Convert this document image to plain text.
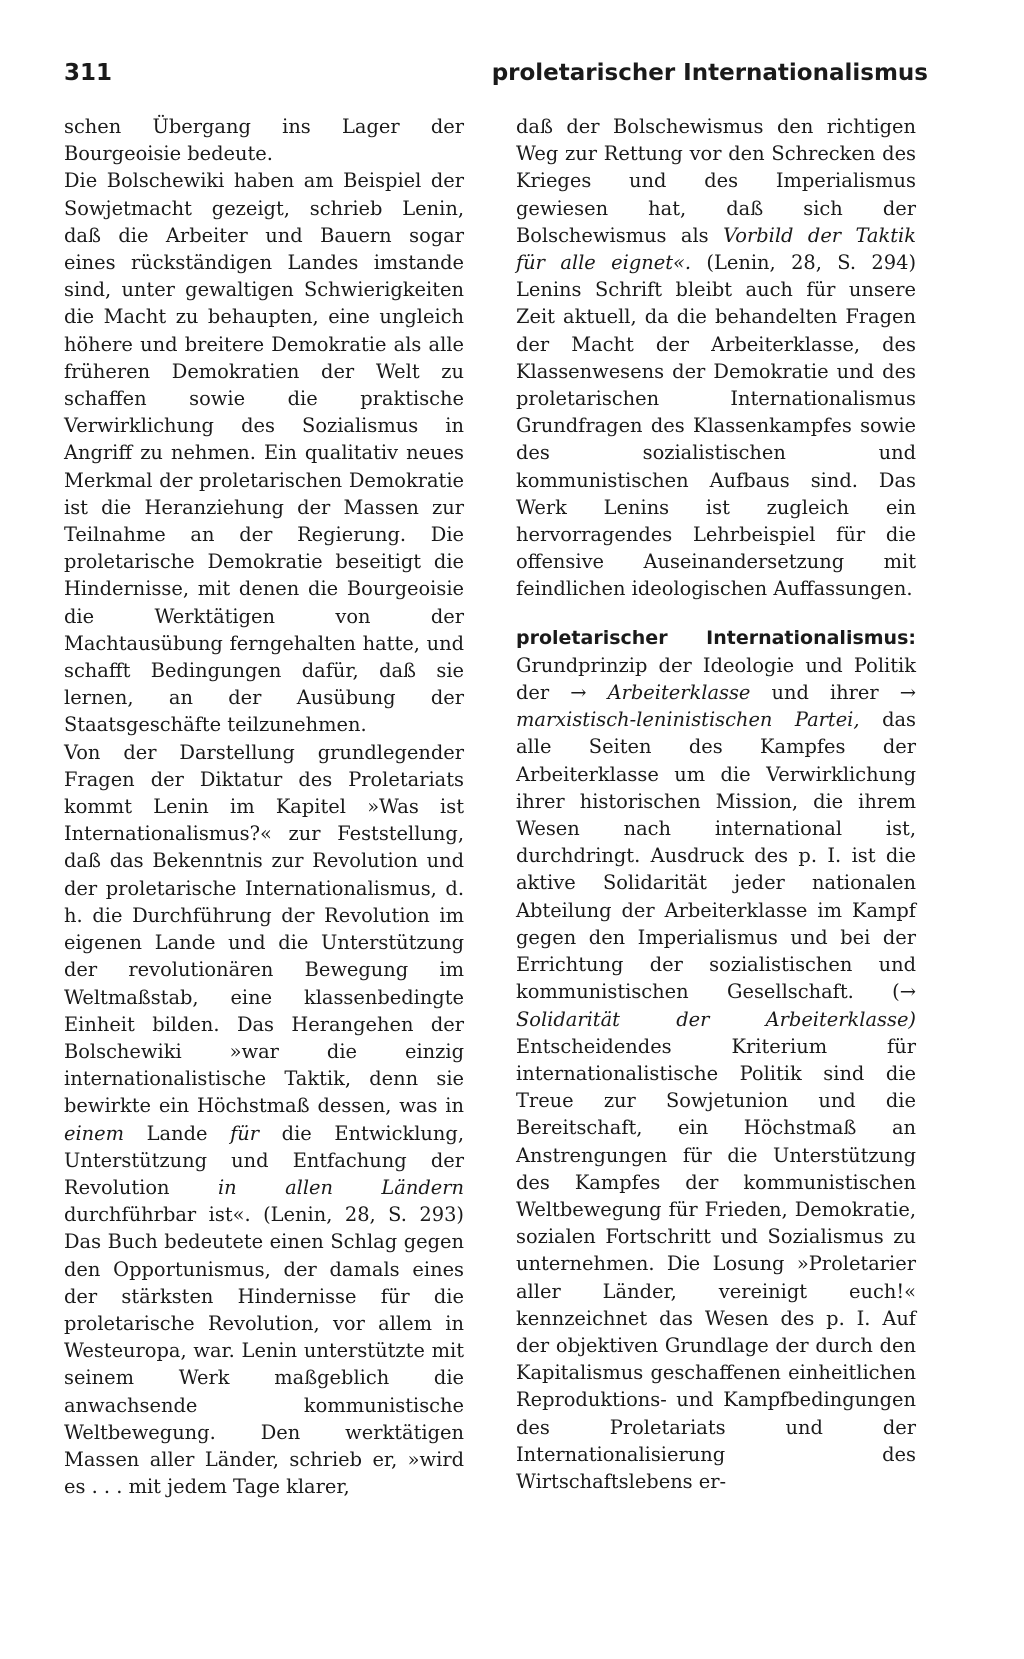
311	proletarischer Internationalismus

schen Übergang ins Lager der Bourgeoisie bedeute.

Die Bolschewiki haben am Beispiel der Sowjetmacht gezeigt, schrieb Lenin, daß die Arbeiter und Bauern sogar eines rückständigen Landes imstande sind, unter gewaltigen Schwierigkeiten die Macht zu behaupten, eine ungleich höhere und breitere Demokratie als alle früheren Demokratien der Welt zu schaffen sowie die praktische Verwirklichung des Sozialismus in Angriff zu nehmen. Ein qualitativ neues Merkmal der proletarischen Demokratie ist die Heranziehung der Massen zur Teilnahme an der Regierung. Die proletarische Demokratie beseitigt die Hindernisse, mit denen die Bourgeoisie die Werktätigen von der Machtausübung ferngehalten hatte, und schafft Bedingungen dafür, daß sie lernen, an der Ausübung der Staatsgeschäfte teilzunehmen.

Von der Darstellung grundlegender Fragen der Diktatur des Proletariats kommt Lenin im Kapitel »Was ist Internationalismus?« zur Feststellung, daß das Bekenntnis zur Revolution und der proletarische Internationalismus, d. h. die Durchführung der Revolution im eigenen Lande und die Unterstützung der revolutionären Bewegung im Weltmaßstab, eine klassenbedingte Einheit bilden. Das Herangehen der Bolschewiki »war die einzig internationalistische Taktik, denn sie bewirkte ein Höchstmaß dessen, was in einem Lande für die Entwicklung, Unterstützung und Entfachung der Revolution in allen Ländern durchführbar ist«. (Lenin, 28, S. 293) Das Buch bedeutete einen Schlag gegen den Opportunismus, der damals eines der stärksten Hindernisse für die proletarische Revolution, vor allem in Westeuropa, war. Lenin unterstützte mit seinem Werk maßgeblich die anwachsende kommunistische Weltbewegung. Den werktätigen Massen aller Länder, schrieb er, »wird es . . . mit jedem Tage klarer,

daß der Bolschewismus den richtigen Weg zur Rettung vor den Schrecken des Krieges und des Imperialismus gewiesen hat, daß sich der Bolschewismus als Vorbild der Taktik für alle eignet«. (Lenin, 28, S. 294) Lenins Schrift bleibt auch für unsere Zeit aktuell, da die behandelten Fragen der Macht der Arbeiterklasse, des Klassenwesens der Demokratie und des proletarischen Internationalismus Grundfragen des Klassenkampfes sowie des sozialistischen und kommunistischen Aufbaus sind. Das Werk Lenins ist zugleich ein hervorragendes Lehrbeispiel für die offensive Auseinandersetzung mit feindlichen ideologischen Auffassungen.

proletarischer Internationalismus: Grundprinzip der Ideologie und Politik der → Arbeiterklasse und ihrer → marxistisch-leninistischen Partei, das alle Seiten des Kampfes der Arbeiterklasse um die Verwirklichung ihrer historischen Mission, die ihrem Wesen nach international ist, durchdringt. Ausdruck des p. I. ist die aktive Solidarität jeder nationalen Abteilung der Arbeiterklasse im Kampf gegen den Imperialismus und bei der Errichtung der sozialistischen und kommunistischen Gesellschaft. (→ Solidarität der Arbeiterklasse) Entscheidendes Kriterium für internationalistische Politik sind die Treue zur Sowjetunion und die Bereitschaft, ein Höchstmaß an Anstrengungen für die Unterstützung des Kampfes der kommunistischen Weltbewegung für Frieden, Demokratie, sozialen Fortschritt und Sozialismus zu unternehmen. Die Losung »Proletarier aller Länder, vereinigt euch!« kennzeichnet das Wesen des p. I. Auf der objektiven Grundlage der durch den Kapitalismus geschaffenen einheitlichen Reproduktions- und Kampfbedingungen des Proletariats und der Internationalisierung des Wirtschaftslebens er-
